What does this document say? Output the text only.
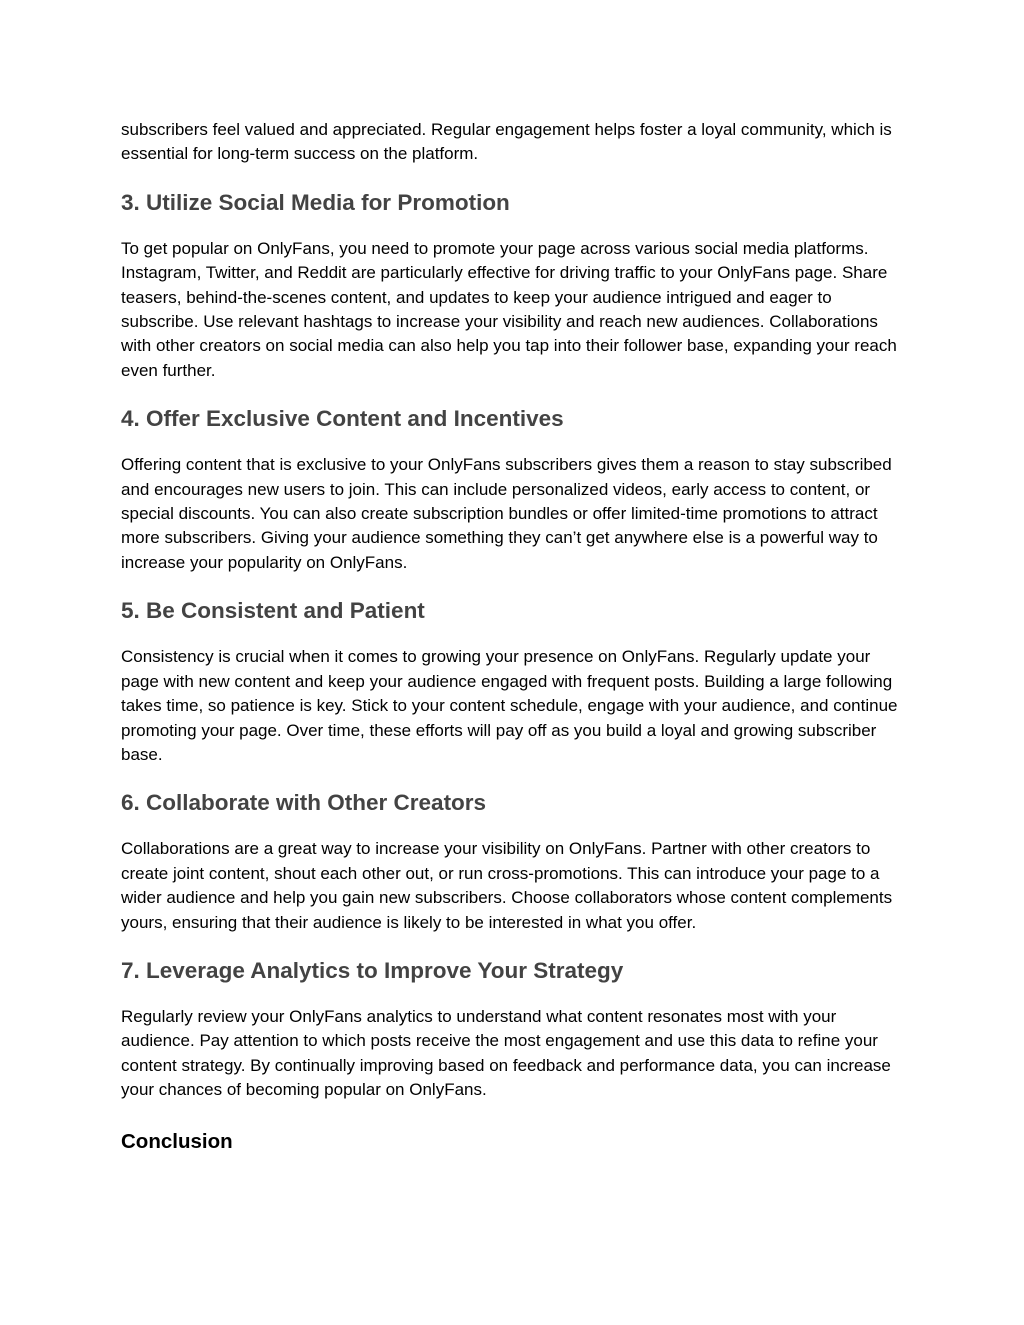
subscribers feel valued and appreciated. Regular engagement helps foster a loyal community, which is essential for long-term success on the platform.

3. Utilize Social Media for Promotion

To get popular on OnlyFans, you need to promote your page across various social media platforms. Instagram, Twitter, and Reddit are particularly effective for driving traffic to your OnlyFans page. Share teasers, behind-the-scenes content, and updates to keep your audience intrigued and eager to subscribe. Use relevant hashtags to increase your visibility and reach new audiences. Collaborations with other creators on social media can also help you tap into their follower base, expanding your reach even further.

4. Offer Exclusive Content and Incentives

Offering content that is exclusive to your OnlyFans subscribers gives them a reason to stay subscribed and encourages new users to join. This can include personalized videos, early access to content, or special discounts. You can also create subscription bundles or offer limited-time promotions to attract more subscribers. Giving your audience something they can’t get anywhere else is a powerful way to increase your popularity on OnlyFans.

5. Be Consistent and Patient

Consistency is crucial when it comes to growing your presence on OnlyFans. Regularly update your page with new content and keep your audience engaged with frequent posts. Building a large following takes time, so patience is key. Stick to your content schedule, engage with your audience, and continue promoting your page. Over time, these efforts will pay off as you build a loyal and growing subscriber base.

6. Collaborate with Other Creators

Collaborations are a great way to increase your visibility on OnlyFans. Partner with other creators to create joint content, shout each other out, or run cross-promotions. This can introduce your page to a wider audience and help you gain new subscribers. Choose collaborators whose content complements yours, ensuring that their audience is likely to be interested in what you offer.

7. Leverage Analytics to Improve Your Strategy

Regularly review your OnlyFans analytics to understand what content resonates most with your audience. Pay attention to which posts receive the most engagement and use this data to refine your content strategy. By continually improving based on feedback and performance data, you can increase your chances of becoming popular on OnlyFans.

Conclusion
